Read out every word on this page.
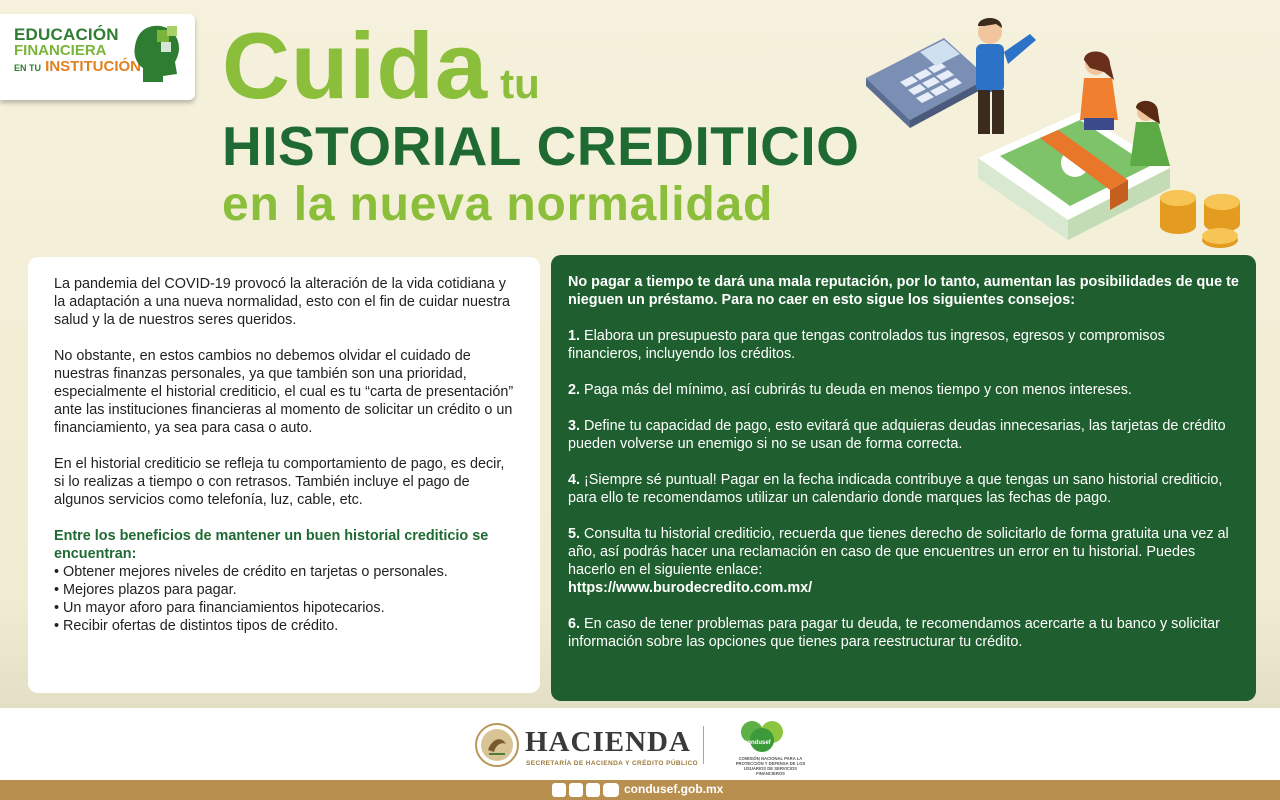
EDUCACIÓN
FINANCIERA
EN TU INSTITUCIÓN Cuida tu
HISTORIAL CREDITICIO
en la nueva normalidad

La pandemia del COVID-19 provocó la alteración de la vida cotidiana y la adaptación a una nueva normalidad, esto con el fin de cuidar nuestra salud y la de nuestros seres queridos.

No obstante, en estos cambios no debemos olvidar el cuidado de nuestras finanzas personales, ya que también son una prioridad, especialmente el historial crediticio, el cual es tu “carta de presentación” ante las instituciones financieras al momento de solicitar un crédito o un financiamiento, ya sea para casa o auto.

En el historial crediticio se refleja tu comportamiento de pago, es decir, si lo realizas a tiempo o con retrasos. También incluye el pago de algunos servicios como telefonía, luz, cable, etc.

Entre los beneficios de mantener un buen historial crediticio se encuentran:

• Obtener mejores niveles de crédito en tarjetas o personales.
• Mejores plazos para pagar.
• Un mayor aforo para financiamientos hipotecarios.
• Recibir ofertas de distintos tipos de crédito.

No pagar a tiempo te dará una mala reputación, por lo tanto, aumentan las posibilidades de que te nieguen un préstamo. Para no caer en esto sigue los siguientes consejos:

1. Elabora un presupuesto para que tengas controlados tus ingresos, egresos y compromisos financieros, incluyendo los créditos.

2. Paga más del mínimo, así cubrirás tu deuda en menos tiempo y con menos intereses.

3. Define tu capacidad de pago, esto evitará que adquieras deudas innecesarias, las tarjetas de crédito pueden volverse un enemigo si no se usan de forma correcta.

4. ¡Siempre sé puntual! Pagar en la fecha indicada contribuye a que tengas un sano historial crediticio, para ello te recomendamos utilizar un calendario donde marques las fechas de pago.

5. Consulta tu historial crediticio, recuerda que tienes derecho de solicitarlo de forma gratuita una vez al año, así podrás hacer una reclamación en caso de que encuentres un error en tu historial. Puedes hacerlo en el siguiente enlace:
https://www.burodecredito.com.mx/

6. En caso de tener problemas para pagar tu deuda, te recomendamos acercarte a tu banco y solicitar información sobre las opciones que tienes para reestructurar tu crédito.

HACIENDA
SECRETARÍA DE HACIENDA Y CRÉDITO PÚBLICO
condusef
COMISIÓN NACIONAL PARA LA PROTECCIÓN Y DEFENSA DE LOS USUARIOS DE SERVICIOS FINANCIEROS
condusef.gob.mx
